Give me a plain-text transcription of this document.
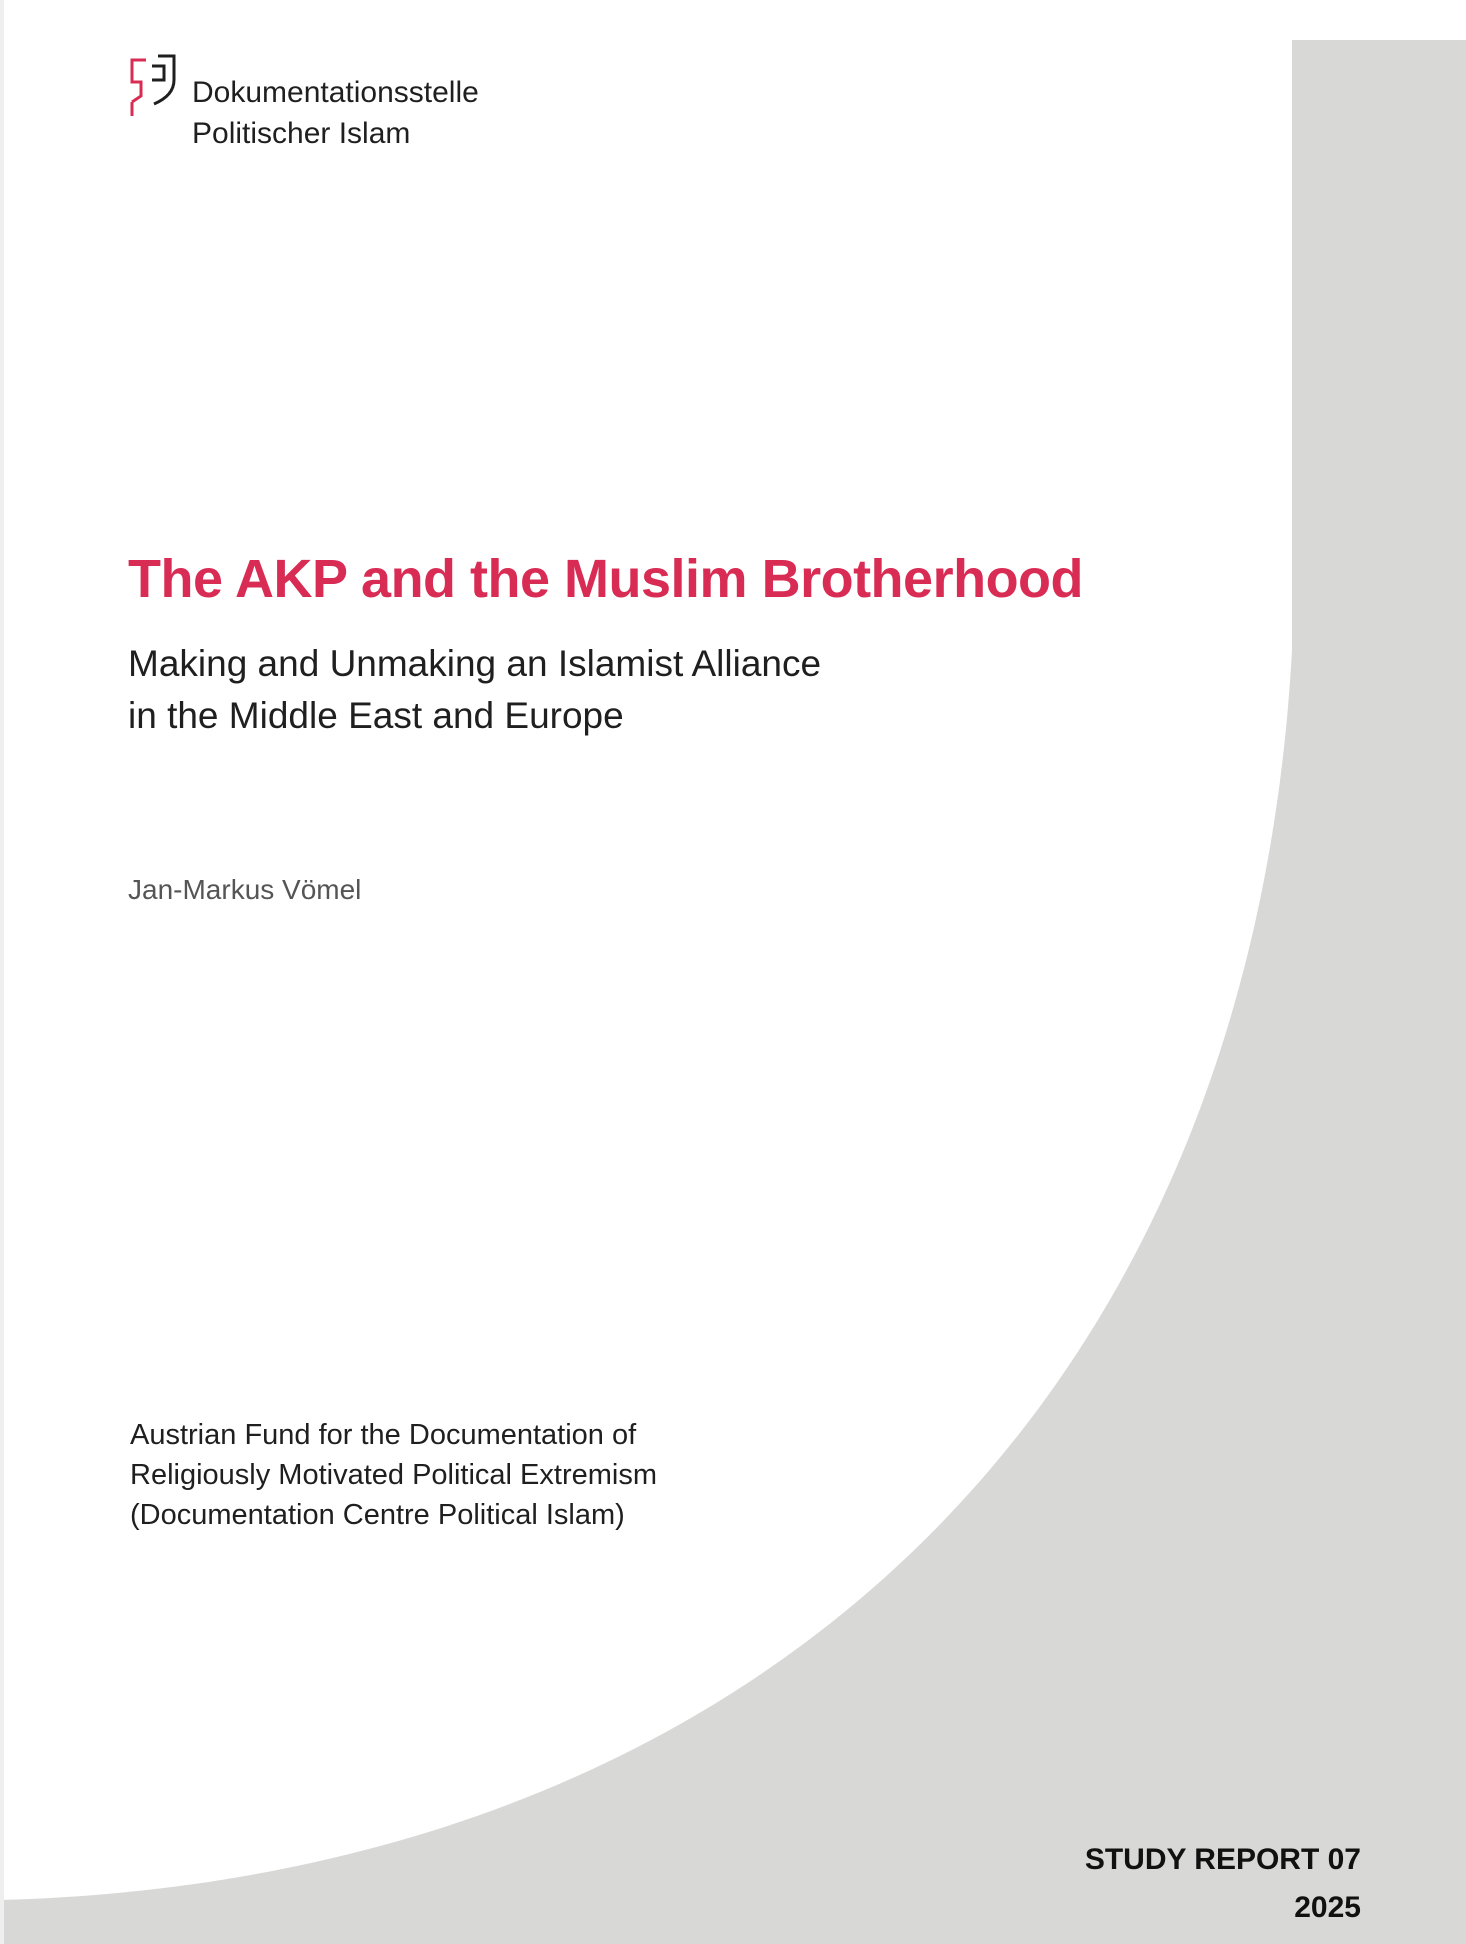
Dokumentationsstelle
Politischer Islam
The AKP and the Muslim Brotherhood
Making and Unmaking an Islamist Alliance
in the Middle East and Europe
Jan-Markus Vömel
Austrian Fund for the Documentation of
Religiously Motivated Political Extremism
(Documentation Centre Political Islam)
STUDY REPORT 07
2025
